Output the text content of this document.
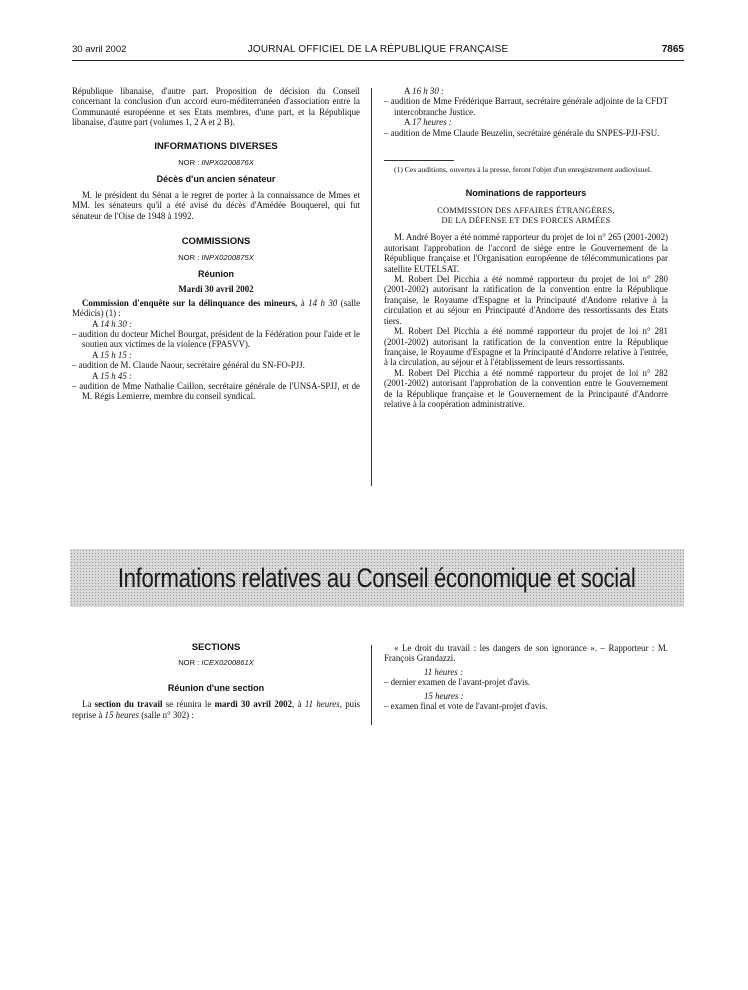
30 avril 2002	JOURNAL OFFICIEL DE LA RÉPUBLIQUE FRANÇAISE	7865

République libanaise, d'autre part. Proposition de décision du Conseil concernant la conclusion d'un accord euro-méditerranéen d'association entre la Communauté européenne et ses Etats membres, d'une part, et la République libanaise, d'autre part (volumes 1, 2 A et 2 B).

INFORMATIONS DIVERSES
NOR : INPX0200876X
Décès d'un ancien sénateur

M. le président du Sénat a le regret de porter à la connaissance de Mmes et MM. les sénateurs qu'il a été avisé du décès d'Amédée Bouquerel, qui fut sénateur de l'Oise de 1948 à 1992.

COMMISSIONS
NOR : INPX0200875X
Réunion
Mardi 30 avril 2002

Commission d'enquête sur la délinquance des mineurs, à 14 h 30 (salle Médicis) (1) :

A 14 h 30 :

– audition du docteur Michel Bourgat, président de la Fédération pour l'aide et le soutien aux victimes de la violence (FPASVV).

A 15 h 15 :

– audition de M. Claude Naour, secrétaire général du SN-FO-PJJ.

A 15 h 45 :

– audition de Mme Nathalie Caillon, secrétaire générale de l'UNSA-SPJJ, et de M. Régis Lemierre, membre du conseil syndical.

A 16 h 30 :

– audition de Mme Frédérique Barraut, secrétaire générale adjointe de la CFDT intercobranche Justice.

A 17 heures :

– audition de Mme Claude Beuzelin, secrétaire générale du SNPES-PJJ-FSU.

(1) Ces auditions, ouvertes à la presse, feront l'objet d'un enregistrement audiovisuel.

Nominations de rapporteurs
COMMISSION DES AFFAIRES ÉTRANGÈRES,
DE LA DÉFENSE ET DES FORCES ARMÉES

M. André Boyer a été nommé rapporteur du projet de loi n° 265 (2001-2002) autorisant l'approbation de l'accord de siège entre le Gouvernement de la République française et l'Organisation européenne de télécommunications par satellite EUTELSAT.

M. Robert Del Picchia a été nommé rapporteur du projet de loi n° 280 (2001-2002) autorisant la ratification de la convention entre la République française, le Royaume d'Espagne et la Principauté d'Andorre relative à la circulation et au séjour en Principauté d'Andorre des ressortissants des Etats tiers.

M. Robert Del Picchia a été nommé rapporteur du projet de loi n° 281 (2001-2002) autorisant la ratification de la convention entre la République française, le Royaume d'Espagne et la Principauté d'Andorre relative à l'entrée, à la circulation, au séjour et à l'établissement de leurs ressortissants.

M. Robert Del Picchia a été nommé rapporteur du projet de loi n° 282 (2001-2002) autorisant l'approbation de la convention entre le Gouvernement de la République française et le Gouvernement de la Principauté d'Andorre relative à la coopération administrative.

Informations relatives au Conseil économique et social
SECTIONS
NOR : ICEX0200861X
Réunion d'une section

La section du travail se réunira le mardi 30 avril 2002, à 11 heures, puis reprise à 15 heures (salle n° 302) :

« Le droit du travail : les dangers de son ignorance ». – Rapporteur : M. François Grandazzi.

11 heures :

– dernier examen de l'avant-projet d'avis.

15 heures :

– examen final et vote de l'avant-projet d'avis.
